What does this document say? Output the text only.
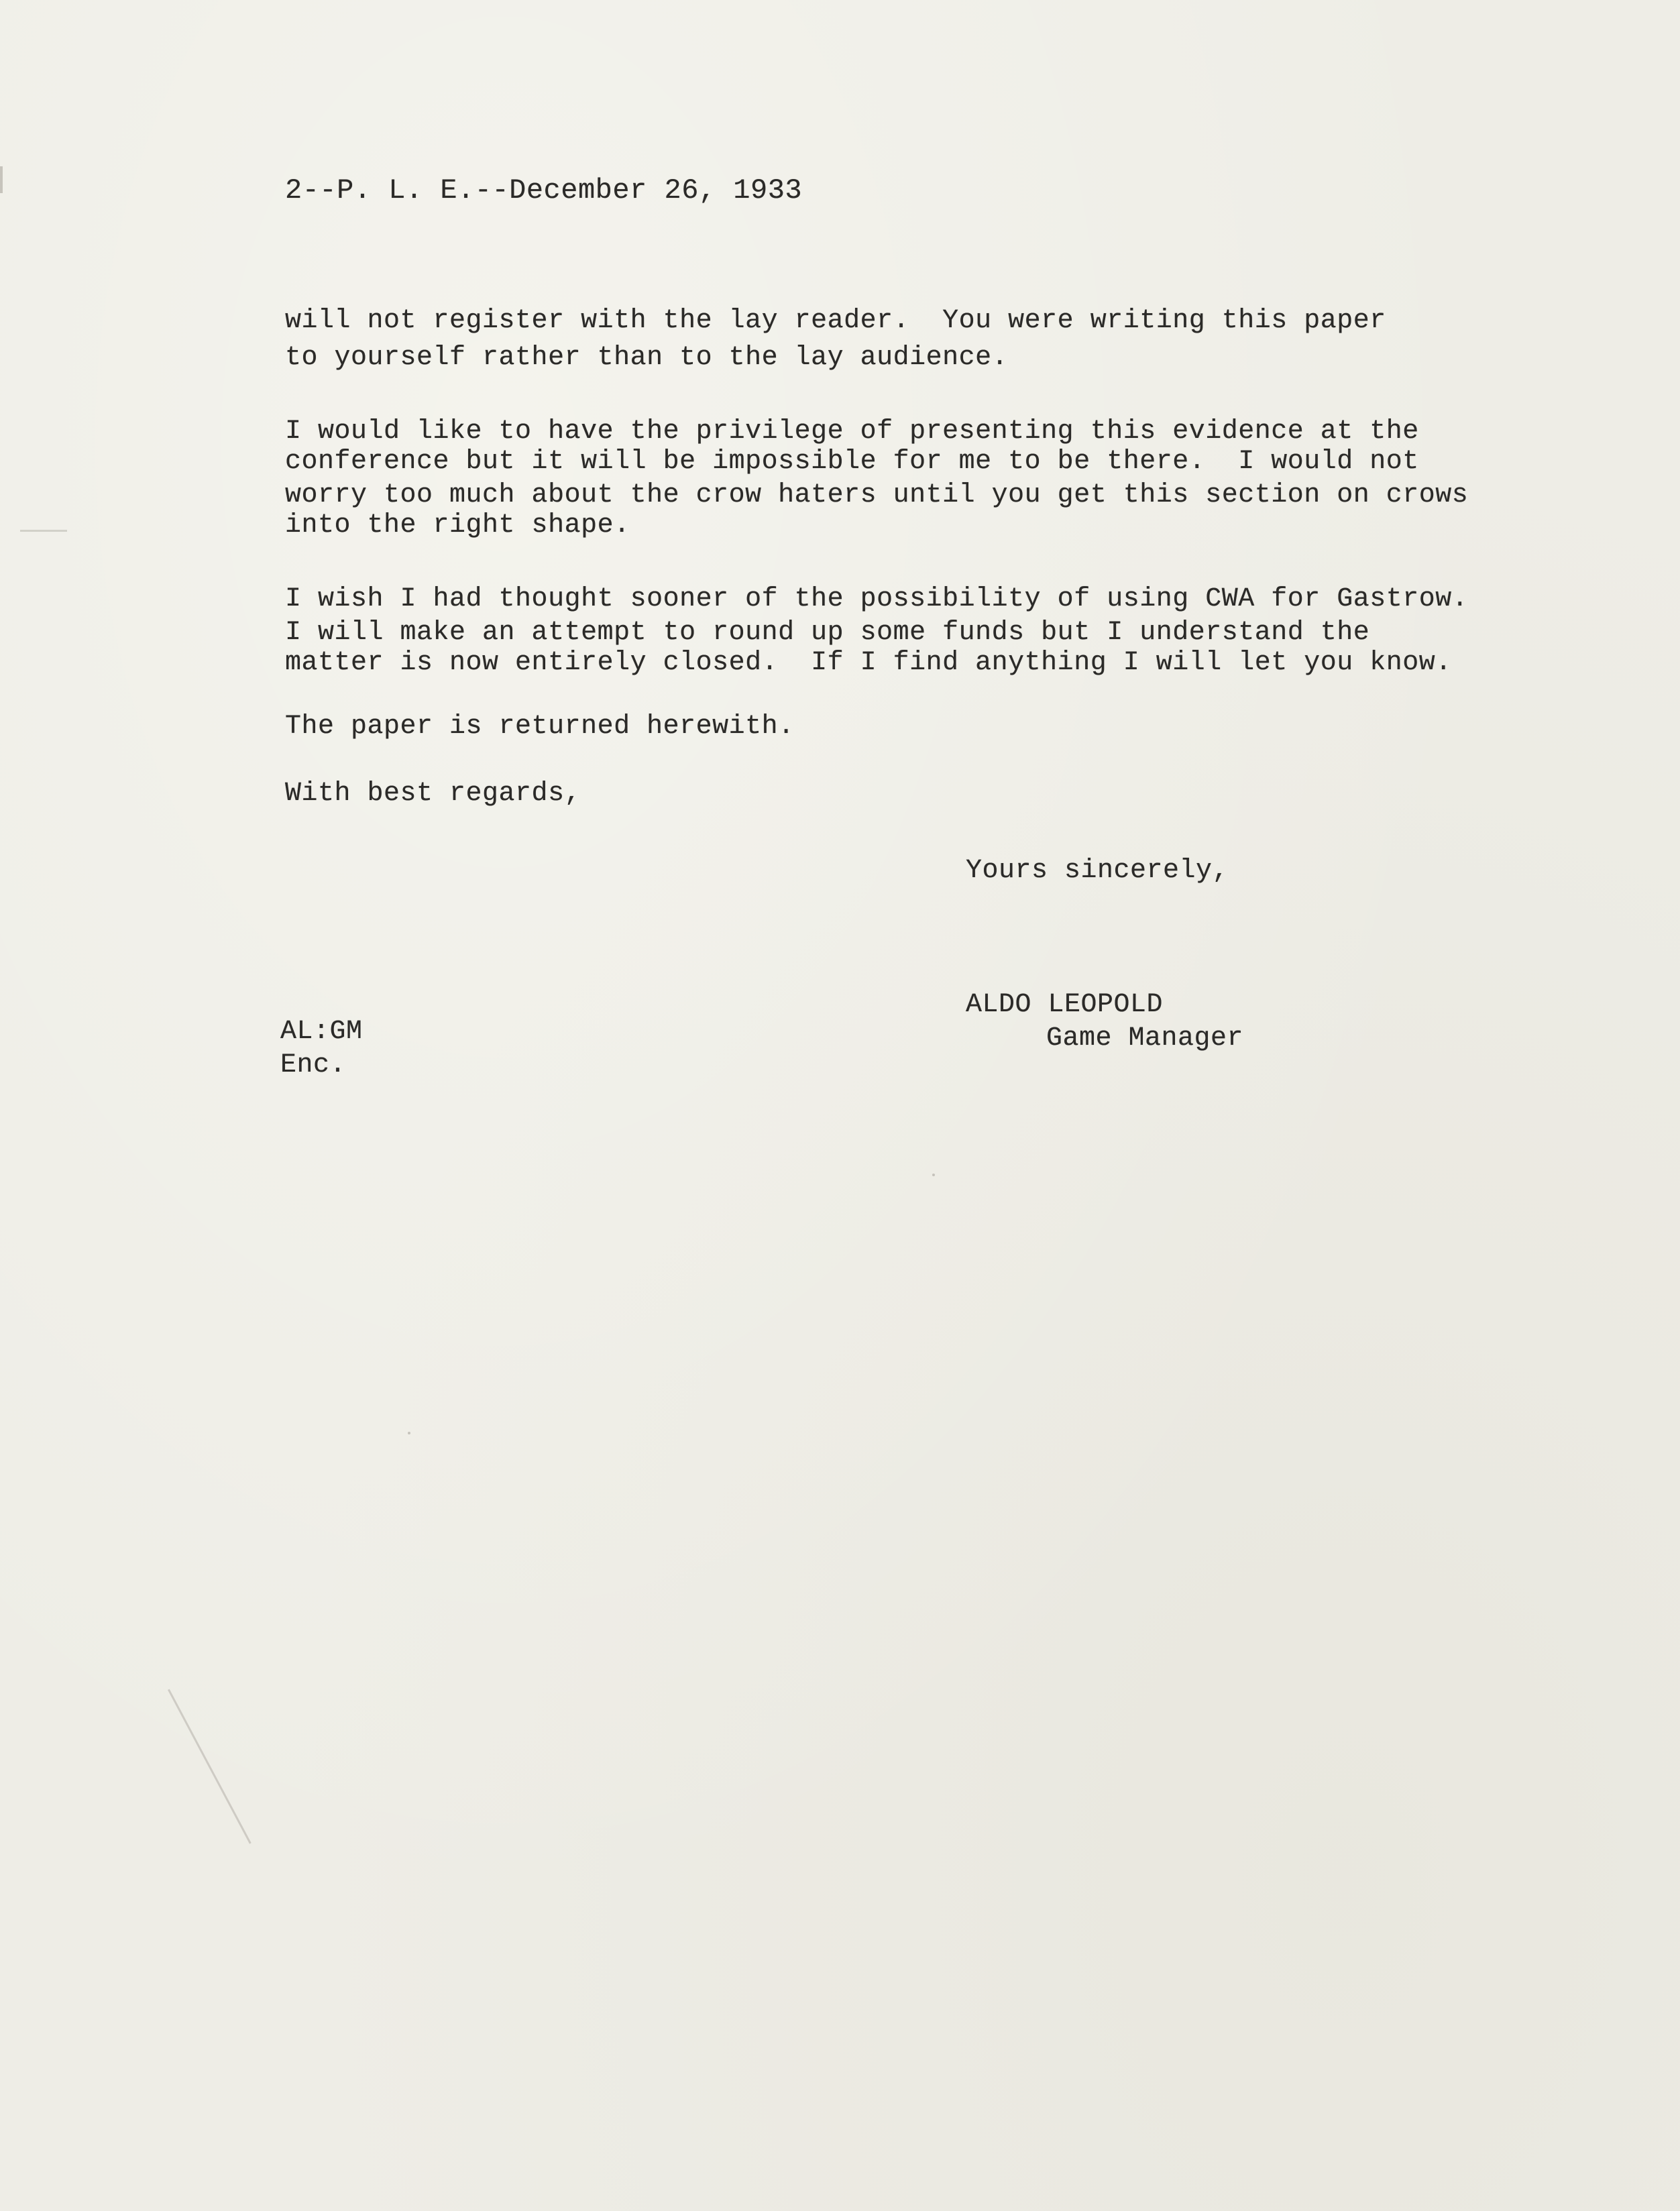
2--P. L. E.--December 26, 1933
will not register with the lay reader.  You were writing this paper
to yourself rather than to the lay audience.
I would like to have the privilege of presenting this evidence at the
conference but it will be impossible for me to be there.  I would not
worry too much about the crow haters until you get this section on crows
into the right shape.
I wish I had thought sooner of the possibility of using CWA for Gastrow.
I will make an attempt to round up some funds but I understand the
matter is now entirely closed.  If I find anything I will let you know.
The paper is returned herewith.
With best regards,
Yours sincerely,
ALDO LEOPOLD
Game Manager
AL:GM
Enc.
